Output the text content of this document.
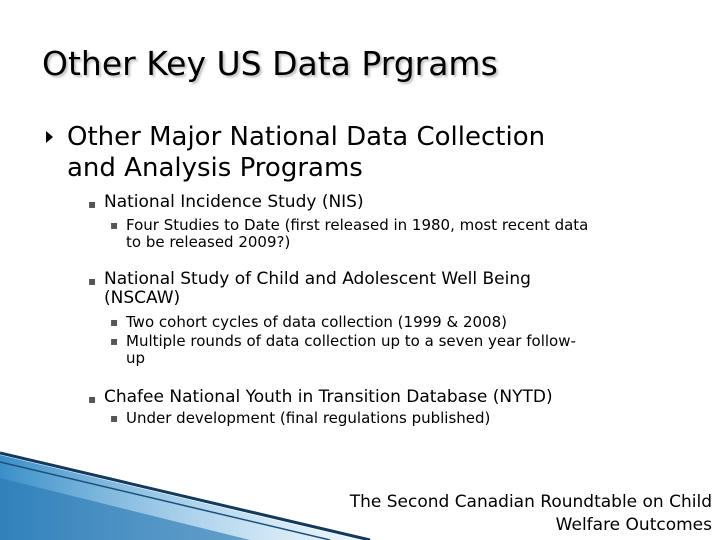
Other Key US Data Prgrams
Other Major National Data Collection
and Analysis Programs
▪ National Incidence Study (NIS)
▪ Four Studies to Date (first released in 1980, most recent data
to be released 2009?)
▪ National Study of Child and Adolescent Well Being
(NSCAW)
▪ Two cohort cycles of data collection (1999 & 2008)
▪ Multiple rounds of data collection up to a seven year follow-
up
▪ Chafee National Youth in Transition Database (NYTD)
▪ Under development (final regulations published)
The Second Canadian Roundtable on Child
Welfare Outcomes
